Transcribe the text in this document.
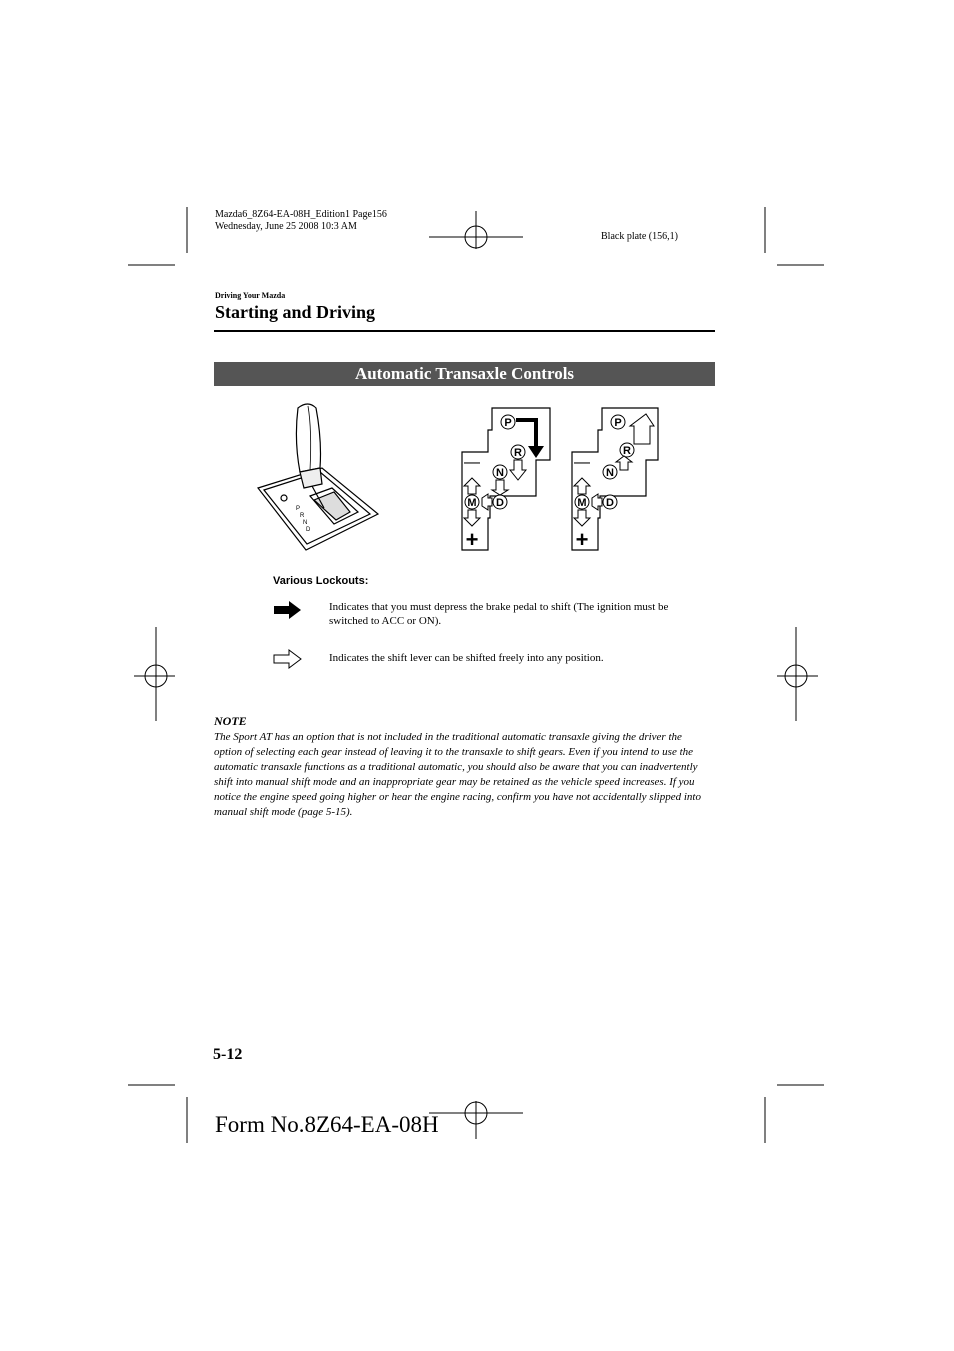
Mazda6_8Z64-EA-08H_Edition1 Page156
Wednesday, June 25 2008 10:3 AM
Black plate (156,1)
Driving Your Mazda
Starting and Driving
Automatic Transaxle Controls
P
R
N
D
P
R
N
D
M
—
+
P
R
N
D
M
—
+
Various Lockouts:
Indicates that you must depress the brake pedal to shift (The ignition must be switched to ACC or ON).
Indicates the shift lever can be shifted freely into any position.
NOTE
The Sport AT has an option that is not included in the traditional automatic transaxle giving the driver the option of selecting each gear instead of leaving it to the transaxle to shift gears. Even if you intend to use the automatic transaxle functions as a traditional automatic, you should also be aware that you can inadvertently shift into manual shift mode and an inappropriate gear may be retained as the vehicle speed increases. If you notice the engine speed going higher or hear the engine racing, confirm you have not accidentally slipped into manual shift mode (page 5-15).
5-12
Form No.8Z64-EA-08H
